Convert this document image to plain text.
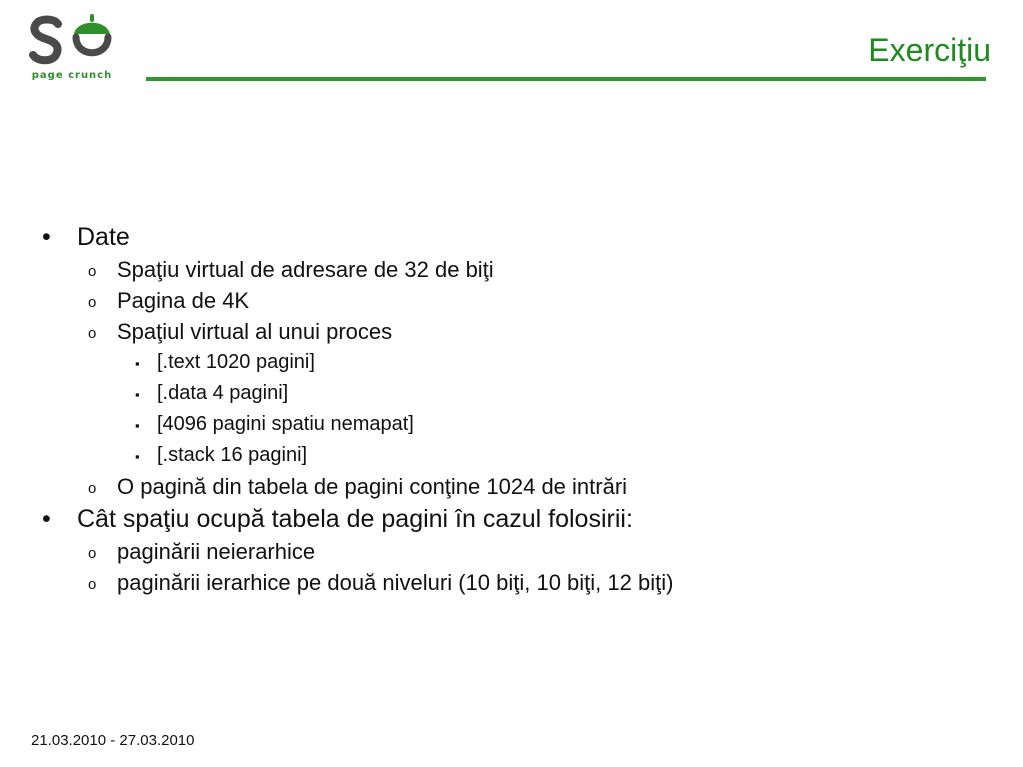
page crunch
Exerciţiu
• Date
o Spaţiu virtual de adresare de 32 de biţi
o Pagina de 4K
o Spaţiul virtual al unui proces
▪ [.text 1020 pagini]
▪ [.data 4 pagini]
▪ [4096 pagini spatiu nemapat]
▪ [.stack 16 pagini]
o O pagină din tabela de pagini conţine 1024 de intrări
• Cât spaţiu ocupă tabela de pagini în cazul folosirii:
o paginării neierarhice
o paginării ierarhice pe două niveluri (10 biţi, 10 biţi, 12 biţi)
21.03.2010 - 27.03.2010
